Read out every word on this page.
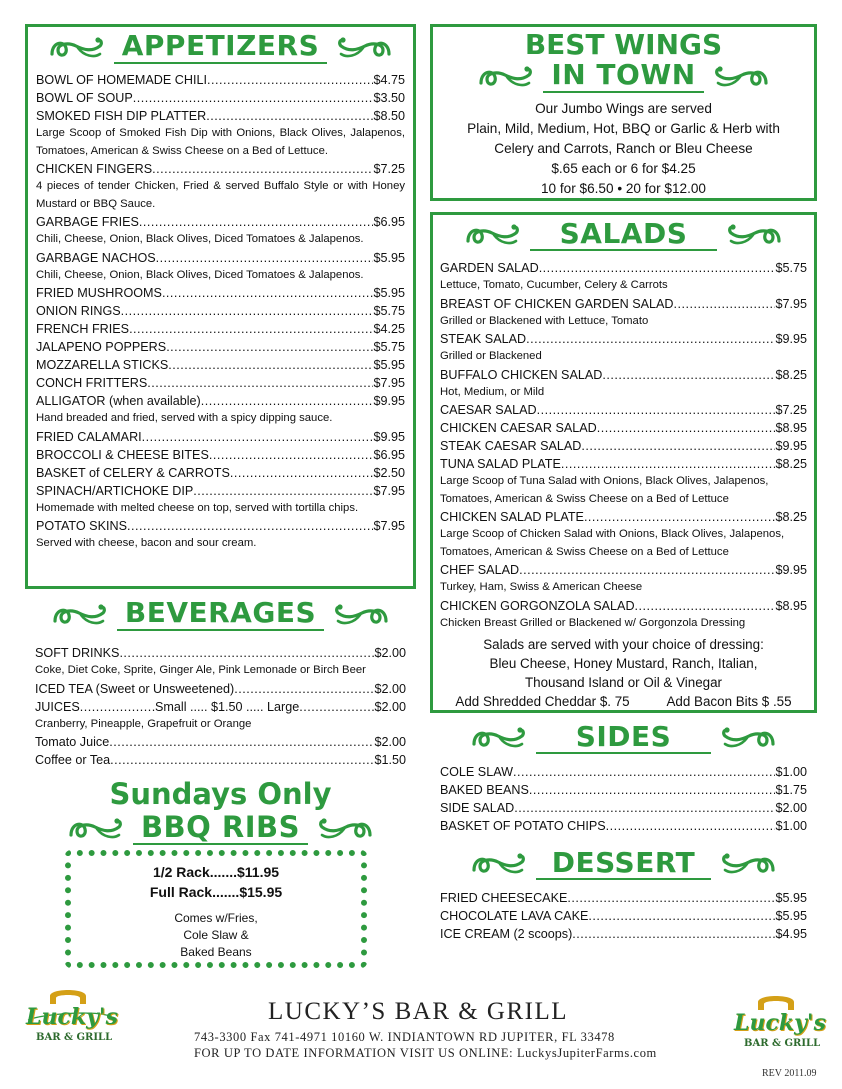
APPETIZERS
BOWL OF HOMEMADE CHILI .....	$4.75
BOWL OF SOUP .....	$3.50
SMOKED FISH DIP PLATTER .....	$8.50
Large Scoop of Smoked Fish Dip with Onions, Black Olives, Jalapenos, Tomatoes, American & Swiss Cheese on a Bed of Lettuce.
CHICKEN FINGERS .....	$7.25
4 pieces of tender Chicken, Fried & served Buffalo Style or with Honey Mustard or BBQ Sauce.
GARBAGE FRIES .....	$6.95
Chili, Cheese, Onion, Black Olives, Diced Tomatoes & Jalapenos.
GARBAGE NACHOS .....	$5.95
Chili, Cheese, Onion, Black Olives, Diced Tomatoes & Jalapenos.
FRIED MUSHROOMS .....	$5.95
ONION RINGS .....	$5.75
FRENCH FRIES .....	$4.25
JALAPENO POPPERS .....	$5.75
MOZZARELLA STICKS .....	$5.95
CONCH FRITTERS .....	$7.95
ALLIGATOR (when available) .....	$9.95
Hand breaded and fried, served with a spicy dipping sauce.
FRIED CALAMARI .....	$9.95
BROCCOLI & CHEESE BITES .....	$6.95
BASKET of CELERY & CARROTS .....	$2.50
SPINACH/ARTICHOKE DIP .....	$7.95
Homemade with melted cheese on top, served with tortilla chips.
POTATO SKINS .....	$7.95
Served with cheese, bacon and sour cream.
BEVERAGES
SOFT DRINKS .....	$2.00
Coke, Diet Coke, Sprite, Ginger Ale, Pink Lemonade or Birch Beer
ICED TEA (Sweet or Unsweetened) .....	$2.00
JUICES .....	Small ..... $1.50 ..... Large .....	$2.00
Cranberry, Pineapple, Grapefruit or Orange
Tomato Juice .....	$2.00
Coffee or Tea .....	$1.50
Sundays Only
BBQ RIBS
1/2 Rack.......$11.95
Full Rack.......$15.95
Comes w/Fries,
Cole Slaw &
Baked Beans
BEST WINGS
IN TOWN
Our Jumbo Wings are served
Plain, Mild, Medium, Hot, BBQ or Garlic & Herb with
Celery and Carrots, Ranch or Bleu Cheese
$.65 each or 6 for $4.25
10 for $6.50 • 20 for $12.00
SALADS
GARDEN SALAD .....	$5.75
Lettuce, Tomato, Cucumber, Celery & Carrots
BREAST OF CHICKEN GARDEN SALAD .....	$7.95
Grilled or Blackened with Lettuce, Tomato
STEAK SALAD .....	$9.95
Grilled or Blackened
BUFFALO CHICKEN SALAD .....	$8.25
Hot, Medium, or Mild
CAESAR SALAD .....	$7.25
CHICKEN CAESAR SALAD .....	$8.95
STEAK CAESAR SALAD .....	$9.95
TUNA SALAD PLATE .....	$8.25
Large Scoop of Tuna Salad with Onions, Black Olives, Jalapenos, Tomatoes, American & Swiss Cheese on a Bed of Lettuce
CHICKEN SALAD PLATE .....	$8.25
Large Scoop of Chicken Salad with Onions, Black Olives, Jalapenos, Tomatoes, American & Swiss Cheese on a Bed of Lettuce
CHEF SALAD .....	$9.95
Turkey, Ham, Swiss & American Cheese
CHICKEN GORGONZOLA SALAD .....	$8.95
Chicken Breast Grilled or Blackened w/ Gorgonzola Dressing
Salads are served with your choice of dressing:
Bleu Cheese, Honey Mustard, Ranch, Italian,
Thousand Island or Oil & Vinegar
Add Shredded Cheddar $. 75	Add Bacon Bits $ .55
SIDES
COLE SLAW .....	$1.00
BAKED BEANS .....	$1.75
SIDE SALAD .....	$2.00
BASKET OF POTATO CHIPS .....	$1.00
DESSERT
FRIED CHEESECAKE .....	$5.95
CHOCOLATE LAVA CAKE .....	$5.95
ICE CREAM (2 scoops) .....	$4.95
Lucky's
BAR & GRILL
LUCKY’S BAR & GRILL
743-3300 Fax 741-4971 10160 W. INDIANTOWN RD JUPITER, FL 33478
FOR UP TO DATE INFORMATION VISIT US ONLINE: LuckysJupiterFarms.com
Lucky's
BAR & GRILL
REV 2011.09
